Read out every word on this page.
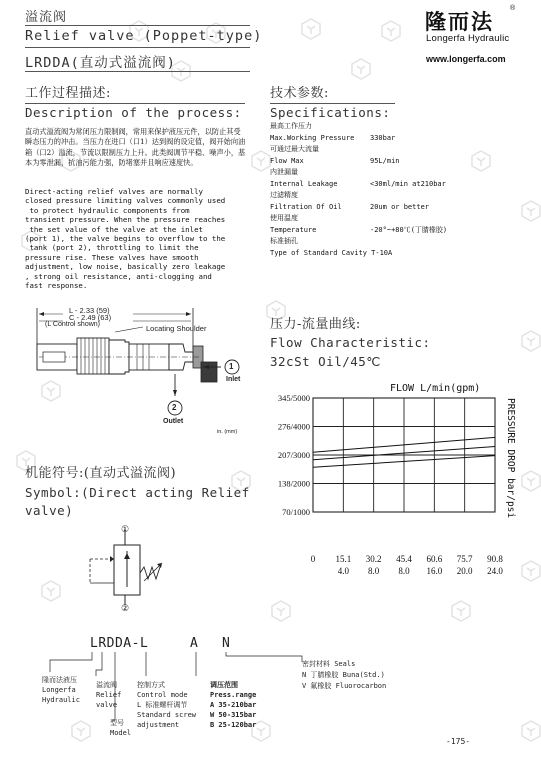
溢流阀
Relief valve (Poppet-type)
LRDDA(直动式溢流阀)
隆而法
®
Longerfa Hydraulic
www.longerfa.com
工作过程描述:
Description of the process:
直动式溢流阀为常闭压力限制阀，常用来保护液压元件，以防止其受瞬态压力的冲击。当压力在进口（口1）达到阀的设定值，阀开始向油箱（口2）溢流，节流以限制压力上升。此类阀调节平稳、噪声小，基本为零泄漏，抗油污能力强，防堵塞并且响应速度快。
Direct-acting relief valves are normally
closed pressure limiting valves commonly used
to protect hydraulic components from
transient pressure. When the pressure reaches
the set value of the valve at the inlet
(port 1), the valve begins to overflow to the
tank (port 2), throttling to limit the
pressure rise. These valves have smooth
adjustment, low noise, basically zero leakage
, strong oil resistance, anti-clogging and
fast response.
L - 2.33 (59)
C - 2.49 (63)
(L Control shown)	Locating Shoulder
1
2
Inlet
Outlet
in. (mm)
机能符号:(直动式溢流阀)
Symbol:(Direct acting Relief
valve)
①
②
技术参数:
Specifications:
最高工作压力
Max.Working Pressure 330bar
可通过最大流量
Flow Max	95L/min
内泄漏量
Internal Leakage	<30ml/min at210bar
过滤精度
Filtration Of Oil	20um or better
使用温度
Temperature	-20°~+80℃(丁腈橡胶)
标准插孔
Type of Standard Cavity T-10A
压力-流量曲线:
Flow Characteristic:
32cSt Oil/45℃
345/5000
276/4000
207/3000
138/2000
70/1000
FLOW L/min(gpm)
PRESSURE DROP bar/psi
0 15.1 30.2 45.4 60.6 75.7 90.8
4.0 8.0 8.0 16.0 20.0 24.0
LRDDA-L	A N
隆而法液压
Longerfa
Hydraulic
溢流阀
Relief
valve
型号
Model
控制方式
Control mode
L 标准螺杆调节
Standard screw
adjustment
调压范围
Press.range
A 35-210bar
W 50-315bar
B 25-120bar
密封材料 Seals
N 丁腈橡胶 Buna(Std.)
V 氟橡胶 Fluorocarbon
-175-
